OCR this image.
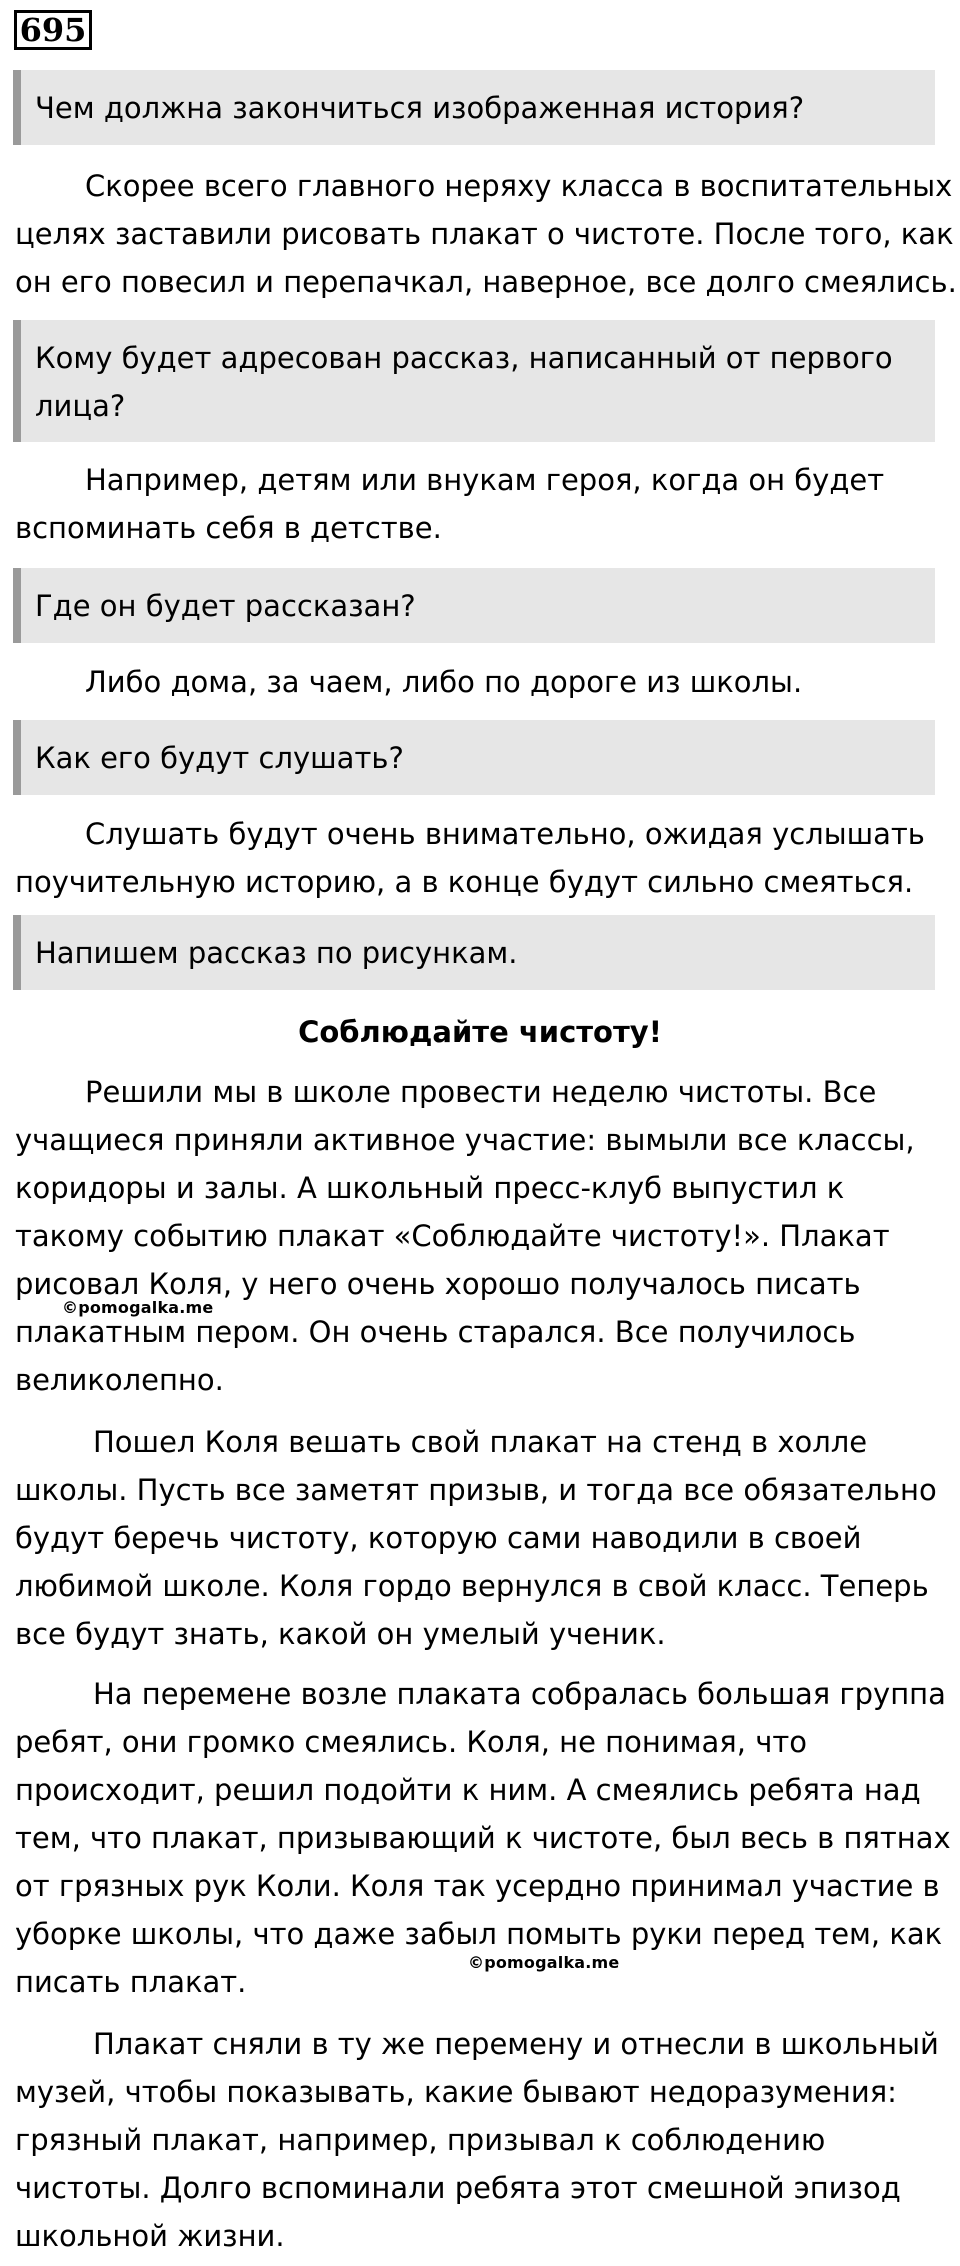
695
Чем должна закончиться изображенная история?
Скорее всего главного неряху класса в воспитательных
целях заставили рисовать плакат о чистоте. После того, как
он его повесил и перепачкал, наверное, все долго смеялись.
Кому будет адресован рассказ, написанный от первого
лица?
Например, детям или внукам героя, когда он будет
вспоминать себя в детстве.
Где он будет рассказан?
Либо дома, за чаем, либо по дороге из школы.
Как его будут слушать?
Слушать будут очень внимательно, ожидая услышать
поучительную историю, а в конце будут сильно смеяться.
Напишем рассказ по рисункам.
Соблюдайте чистоту!
Решили мы в школе провести неделю чистоты. Все
учащиеся приняли активное участие: вымыли все классы,
коридоры и залы. А школьный пресс-клуб выпустил к
такому событию плакат «Соблюдайте чистоту!». Плакат
рисовал Коля, у него очень хорошо получалось писать
плакатным пером. Он очень старался. Все получилось
великолепно.
Пошел Коля вешать свой плакат на стенд в холле
школы. Пусть все заметят призыв, и тогда все обязательно
будут беречь чистоту, которую сами наводили в своей
любимой школе. Коля гордо вернулся в свой класс. Теперь
все будут знать, какой он умелый ученик.
На перемене возле плаката собралась большая группа
ребят, они громко смеялись. Коля, не понимая, что
происходит, решил подойти к ним. А смеялись ребята над
тем, что плакат, призывающий к чистоте, был весь в пятнах
от грязных рук Коли. Коля так усердно принимал участие в
уборке школы, что даже забыл помыть руки перед тем, как
писать плакат.
Плакат сняли в ту же перемену и отнесли в школьный
музей, чтобы показывать, какие бывают недоразумения:
грязный плакат, например, призывал к соблюдению
чистоты. Долго вспоминали ребята этот смешной эпизод
школьной жизни.
©pomogalka.me
©pomogalka.me
